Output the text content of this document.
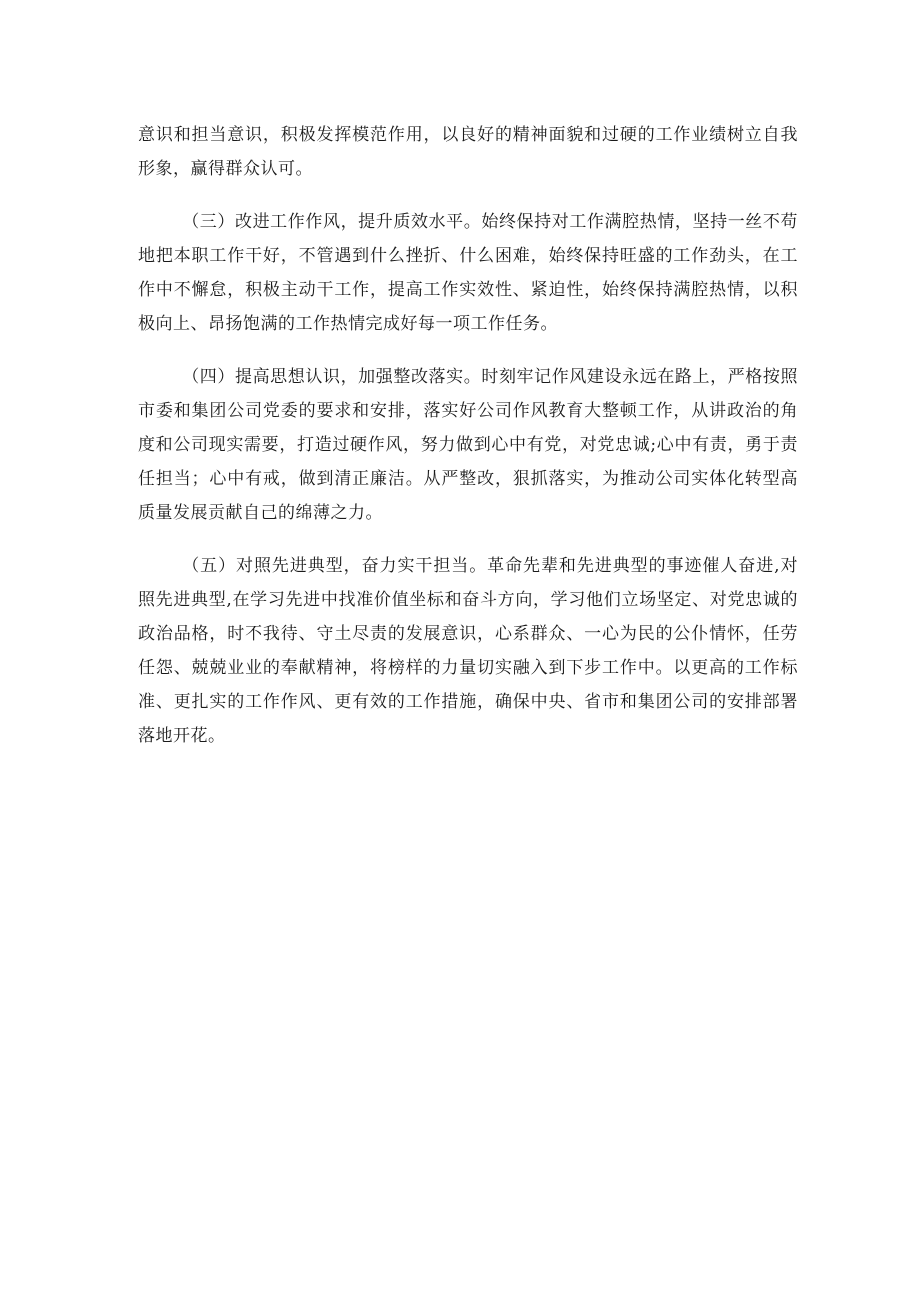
意识和担当意识，积极发挥模范作用，以良好的精神面貌和过硬的工作业绩树立自我形象，赢得群众认可。

（三）改进工作作风，提升质效水平。始终保持对工作满腔热情，坚持一丝不苟地把本职工作干好，不管遇到什么挫折、什么困难，始终保持旺盛的工作劲头，在工作中不懈怠，积极主动干工作，提高工作实效性、紧迫性，始终保持满腔热情，以积极向上、昂扬饱满的工作热情完成好每一项工作任务。

（四）提高思想认识，加强整改落实。时刻牢记作风建设永远在路上，严格按照市委和集团公司党委的要求和安排，落实好公司作风教育大整顿工作，从讲政治的角度和公司现实需要，打造过硬作风，努力做到心中有党，对党忠诚;心中有责，勇于责任担当；心中有戒，做到清正廉洁。从严整改，狠抓落实，为推动公司实体化转型高质量发展贡献自己的绵薄之力。

（五）对照先进典型，奋力实干担当。革命先辈和先进典型的事迹催人奋进,对照先进典型,在学习先进中找准价值坐标和奋斗方向，学习他们立场坚定、对党忠诚的政治品格，时不我待、守土尽责的发展意识，心系群众、一心为民的公仆情怀，任劳任怨、兢兢业业的奉献精神，将榜样的力量切实融入到下步工作中。以更高的工作标准、更扎实的工作作风、更有效的工作措施，确保中央、省市和集团公司的安排部署落地开花。
